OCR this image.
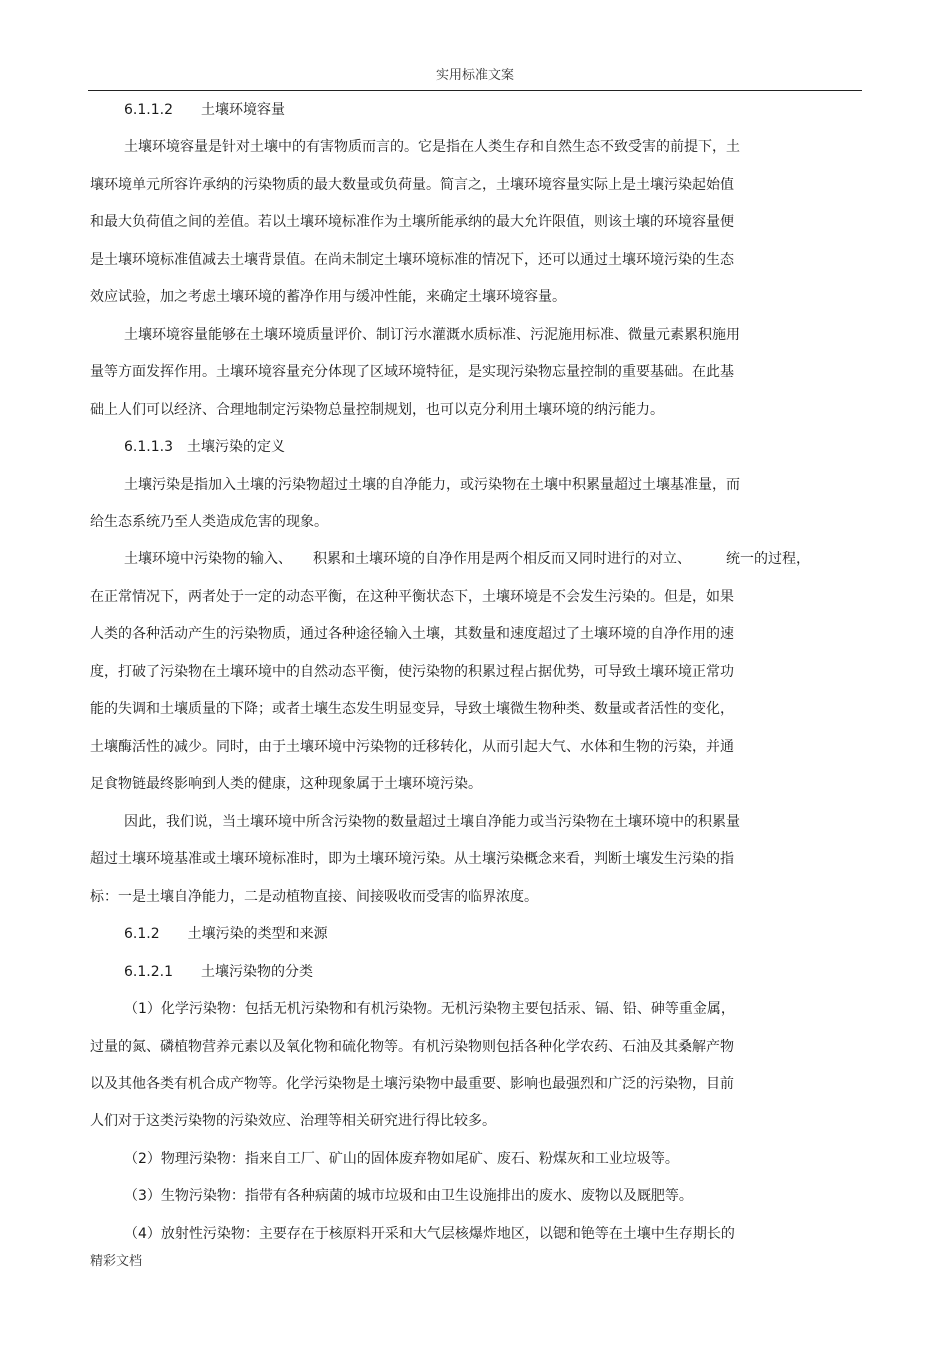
实用标准文案
6.1.1.2　　土壤环境容量
土壤环境容量是针对土壤中的有害物质而言的。它是指在人类生存和自然生态不致受害的前提下，土
壤环境单元所容许承纳的污染物质的最大数量或负荷量。简言之，土壤环境容量实际上是土壤污染起始值
和最大负荷值之间的差值。若以土壤环境标准作为土壤所能承纳的最大允许限值，则该土壤的环境容量便
是土壤环境标准值减去土壤背景值。在尚未制定土壤环境标准的情况下，还可以通过土壤环境污染的生态
效应试验，加之考虑土壤环境的蓄净作用与缓冲性能，来确定土壤环境容量。
土壤环境容量能够在土壤环境质量评价、制订污水灌溉水质标准、污泥施用标准、微量元素累积施用
量等方面发挥作用。土壤环境容量充分体现了区域环境特征，是实现污染物忘量控制的重要基础。在此基
础上人们可以经济、合理地制定污染物总量控制规划，也可以克分利用土壤环境的纳污能力。
6.1.1.3　土壤污染的定义
土壤污染是指加入土壤的污染物超过土壤的自净能力，或污染物在土壤中积累量超过土壤基准量，而
给生态系统乃至人类造成危害的现象。
土壤环境中污染物的输入、　　积累和土壤环境的自净作用是两个相反而又同时进行的对立、　　　统一的过程，
在正常情况下，两者处于一定的动态平衡，在这种平衡状态下，土壤环境是不会发生污染的。但是，如果
人类的各种活动产生的污染物质，通过各种途径输入土壤，其数量和速度超过了土壤环境的自净作用的速
度，打破了污染物在土壤环境中的自然动态平衡，使污染物的积累过程占据优势，可导致土壤环境正常功
能的失调和土壤质量的下降；或者土壤生态发生明显变异，导致土壤微生物种类、数量或者活性的变化，
土壤酶活性的减少。同时，由于土壤环境中污染物的迁移转化，从而引起大气、水体和生物的污染，并通
足食物链最终影响到人类的健康，这种现象属于土壤环境污染。
因此，我们说，当土壤环境中所含污染物的数量超过土壤自净能力或当污染物在土壤环境中的积累量
超过土壤环境基准或土壤环境标准时，即为土壤环境污染。从土壤污染概念来看，判断土壤发生污染的指
标：一是土壤自净能力，二是动植物直接、间接吸收而受害的临界浓度。
6.1.2　　土壤污染的类型和来源
6.1.2.1　　土壤污染物的分类
（1）化学污染物：包括无机污染物和有机污染物。无机污染物主要包括汞、镉、铅、砷等重金属，
过量的氮、磷植物营养元素以及氧化物和硫化物等。有机污染物则包括各种化学农药、石油及其桑解产物
以及其他各类有机合成产物等。化学污染物是土壤污染物中最重要、影响也最强烈和广泛的污染物，目前
人们对于这类污染物的污染效应、治理等相关研究进行得比较多。
（2）物理污染物：指来自工厂、矿山的固体废弃物如尾矿、废石、粉煤灰和工业垃圾等。
（3）生物污染物：指带有各种病菌的城市垃圾和由卫生设施排出的废水、废物以及厩肥等。
（4）放射性污染物：主要存在于核原料开采和大气层核爆炸地区，以锶和铯等在土壤中生存期长的
精彩文档
